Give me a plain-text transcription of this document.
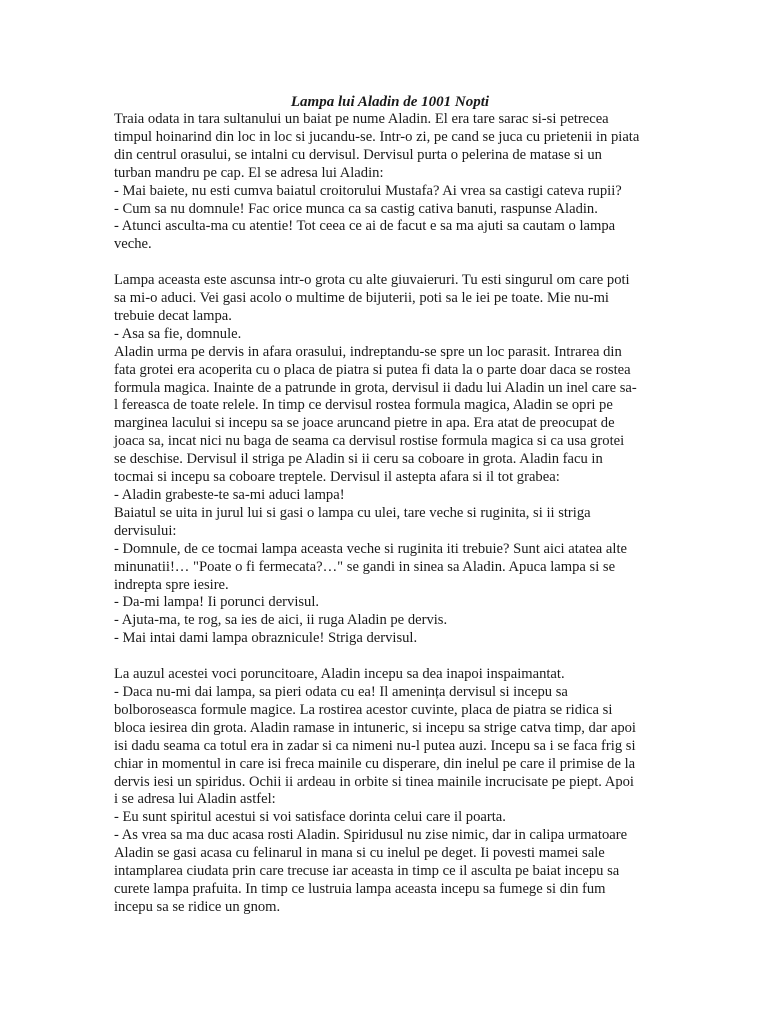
Lampa lui Aladin de 1001 Nopti
Traia odata in tara sultanului un baiat pe nume Aladin. El era tare sarac si-si petrecea
timpul hoinarind din loc in loc si jucandu-se. Intr-o zi, pe cand se juca cu prietenii in piata
din centrul orasului, se intalni cu dervisul. Dervisul purta o pelerina de matase si un
turban mandru pe cap. El se adresa lui Aladin:
- Mai baiete, nu esti cumva baiatul croitorului Mustafa? Ai vrea sa castigi cateva rupii?
- Cum sa nu domnule! Fac orice munca ca sa castig cativa banuti, raspunse Aladin.
- Atunci asculta-ma cu atentie! Tot ceea ce ai de facut e sa ma ajuti sa cautam o lampa
veche.
Lampa aceasta este ascunsa intr-o grota cu alte giuvaieruri. Tu esti singurul om care poti
sa mi-o aduci. Vei gasi acolo o multime de bijuterii, poti sa le iei pe toate. Mie nu-mi
trebuie decat lampa.
- Asa sa fie, domnule.
Aladin urma pe dervis in afara orasului, indreptandu-se spre un loc parasit. Intrarea din
fata grotei era acoperita cu o placa de piatra si putea fi data la o parte doar daca se rostea
formula magica. Inainte de a patrunde in grota, dervisul ii dadu lui Aladin un inel care sa-
l fereasca de toate relele. In timp ce dervisul rostea formula magica, Aladin se opri pe
marginea lacului si incepu sa se joace aruncand pietre in apa. Era atat de preocupat de
joaca sa, incat nici nu baga de seama ca dervisul rostise formula magica si ca usa grotei
se deschise. Dervisul il striga pe Aladin si ii ceru sa coboare in grota. Aladin facu in
tocmai si incepu sa coboare treptele. Dervisul il astepta afara si il tot grabea:
- Aladin grabeste-te sa-mi aduci lampa!
Baiatul se uita in jurul lui si gasi o lampa cu ulei, tare veche si ruginita, si ii striga
dervisului:
- Domnule, de ce tocmai lampa aceasta veche si ruginita iti trebuie? Sunt aici atatea alte
minunatii!… "Poate o fi fermecata?…" se gandi in sinea sa Aladin. Apuca lampa si se
indrepta spre iesire.
- Da-mi lampa! Ii porunci dervisul.
- Ajuta-ma, te rog, sa ies de aici, ii ruga Aladin pe dervis.
- Mai intai dami lampa obraznicule! Striga dervisul.
La auzul acestei voci poruncitoare, Aladin incepu sa dea inapoi inspaimantat.
- Daca nu-mi dai lampa, sa pieri odata cu ea! Il amenința dervisul si incepu sa
bolboroseasca formule magice. La rostirea acestor cuvinte, placa de piatra se ridica si
bloca iesirea din grota. Aladin ramase in intuneric, si incepu sa strige catva timp, dar apoi
isi dadu seama ca totul era in zadar si ca nimeni nu-l putea auzi. Incepu sa i se faca frig si
chiar in momentul in care isi freca mainile cu disperare, din inelul pe care il primise de la
dervis iesi un spiridus. Ochii ii ardeau in orbite si tinea mainile incrucisate pe piept. Apoi
i se adresa lui Aladin astfel:
- Eu sunt spiritul acestui si voi satisface dorinta celui care il poarta.
- As vrea sa ma duc acasa rosti Aladin. Spiridusul nu zise nimic, dar in calipa urmatoare
Aladin se gasi acasa cu felinarul in mana si cu inelul pe deget. Ii povesti mamei sale
intamplarea ciudata prin care trecuse iar aceasta in timp ce il asculta pe baiat incepu sa
curete lampa prafuita. In timp ce lustruia lampa aceasta incepu sa fumege si din fum
incepu sa se ridice un gnom.
